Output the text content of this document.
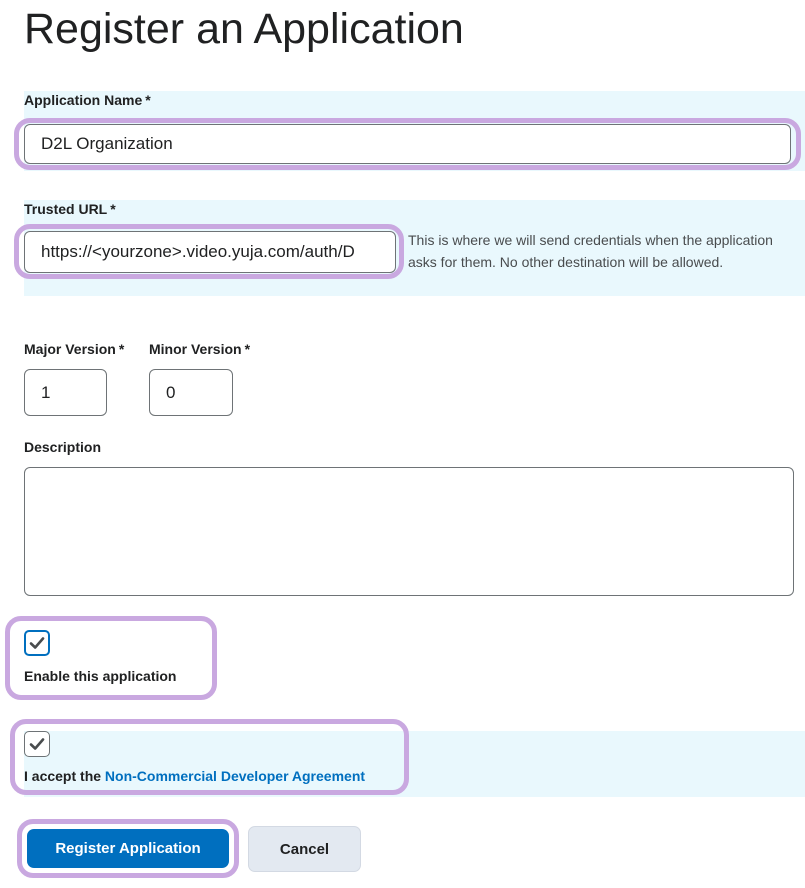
Register an Application
Application Name *
D2L Organization
Trusted URL *
https://<yourzone>.video.yuja.com/auth/D
This is where we will send credentials when the application asks for them. No other destination will be allowed.
Major Version *
1
Minor Version *
0
Description
Enable this application
I accept the Non-Commercial Developer Agreement
Register Application	Cancel
